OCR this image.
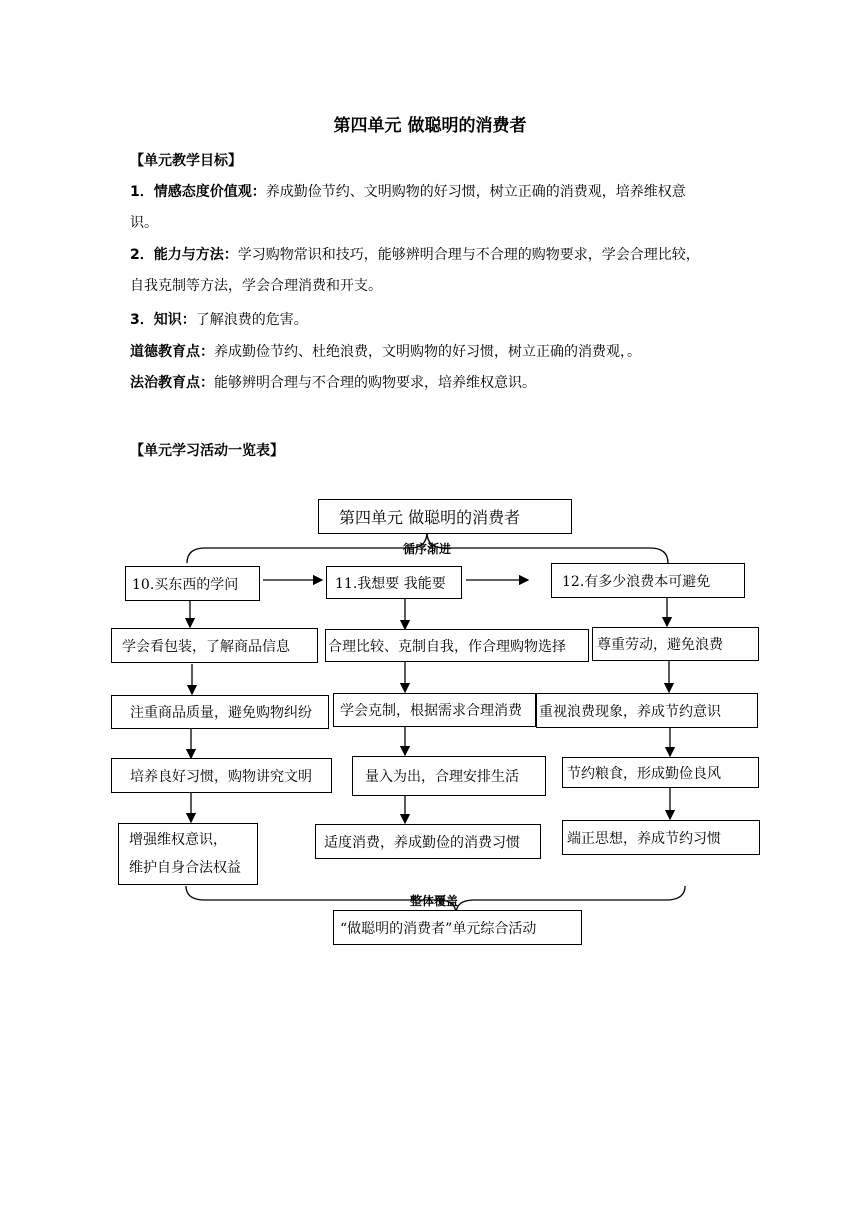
第四单元 做聪明的消费者
【单元教学目标】
1．情感态度价值观：养成勤俭节约、文明购物的好习惯，树立正确的消费观，培养维权意
识。
2．能力与方法：学习购物常识和技巧，能够辨明合理与不合理的购物要求，学会合理比较，
自我克制等方法，学会合理消费和开支。
3．知识：了解浪费的危害。
道德教育点：养成勤俭节约、杜绝浪费，文明购物的好习惯，树立正确的消费观，。
法治教育点：能够辨明合理与不合理的购物要求，培养维权意识。
【单元学习活动一览表】
第四单元 做聪明的消费者
循序渐进
10.买东西的学问	11.我想要 我能要	12.有多少浪费本可避免
学会看包装，了解商品信息
注重商品质量，避免购物纠纷
培养良好习惯，购物讲究文明
增强维权意识，
维护自身合法权益
合理比较、克制自我，作合理购物选择
学会克制，根据需求合理消费
量入为出，合理安排生活
适度消费，养成勤俭的消费习惯
尊重劳动，避免浪费
重视浪费现象，养成节约意识
节约粮食，形成勤俭良风
端正思想，养成节约习惯
整体覆盖
“做聪明的消费者”单元综合活动
